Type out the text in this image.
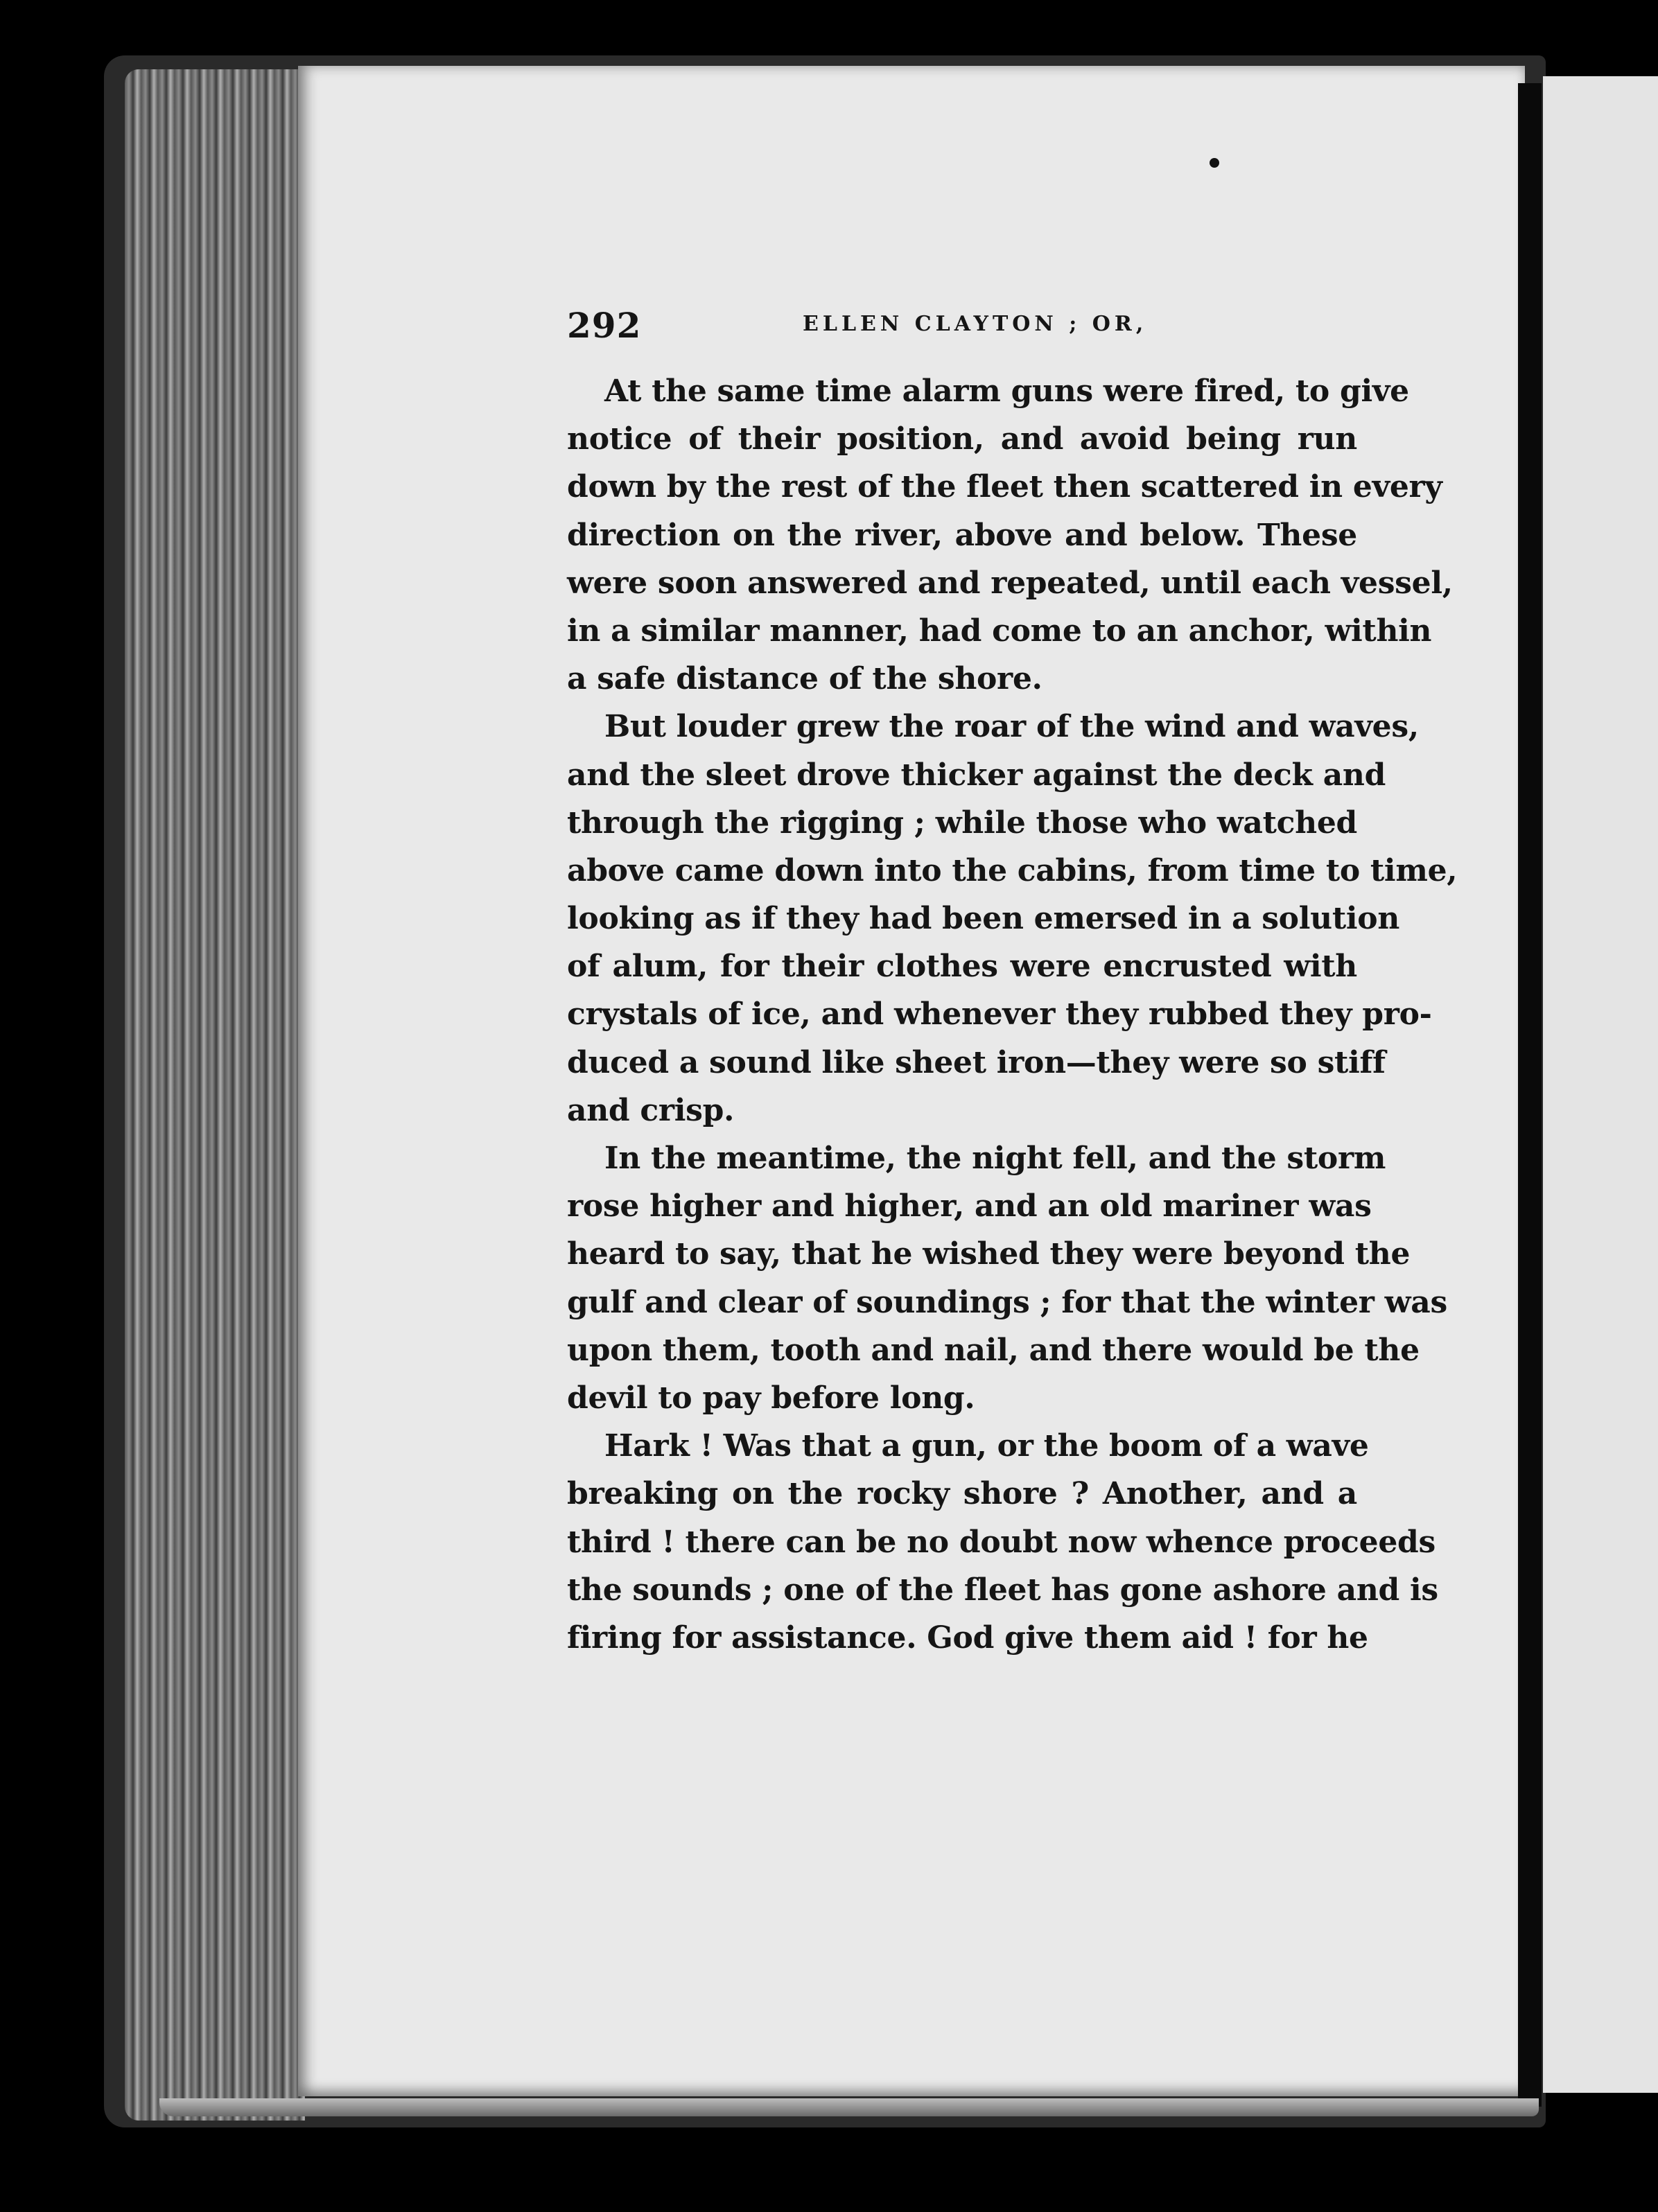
292	ELLEN CLAYTON ; OR,
At the same time alarm guns were fired, to give
notice of their position, and avoid being run
down by the rest of the fleet then scattered in every
direction on the river, above and below. These
were soon answered and repeated, until each vessel,
in a similar manner, had come to an anchor, within
a safe distance of the shore.
But louder grew the roar of the wind and waves,
and the sleet drove thicker against the deck and
through the rigging ; while those who watched
above came down into the cabins, from time to time,
looking as if they had been emersed in a solution
of alum, for their clothes were encrusted with
crystals of ice, and whenever they rubbed they pro-
duced a sound like sheet iron—they were so stiff
and crisp.
In the meantime, the night fell, and the storm
rose higher and higher, and an old mariner was
heard to say, that he wished they were beyond the
gulf and clear of soundings ; for that the winter was
upon them, tooth and nail, and there would be the
devil to pay before long.
Hark ! Was that a gun, or the boom of a wave
breaking on the rocky shore ? Another, and a
third ! there can be no doubt now whence proceeds
the sounds ; one of the fleet has gone ashore and is
firing for assistance. God give them aid ! for he
